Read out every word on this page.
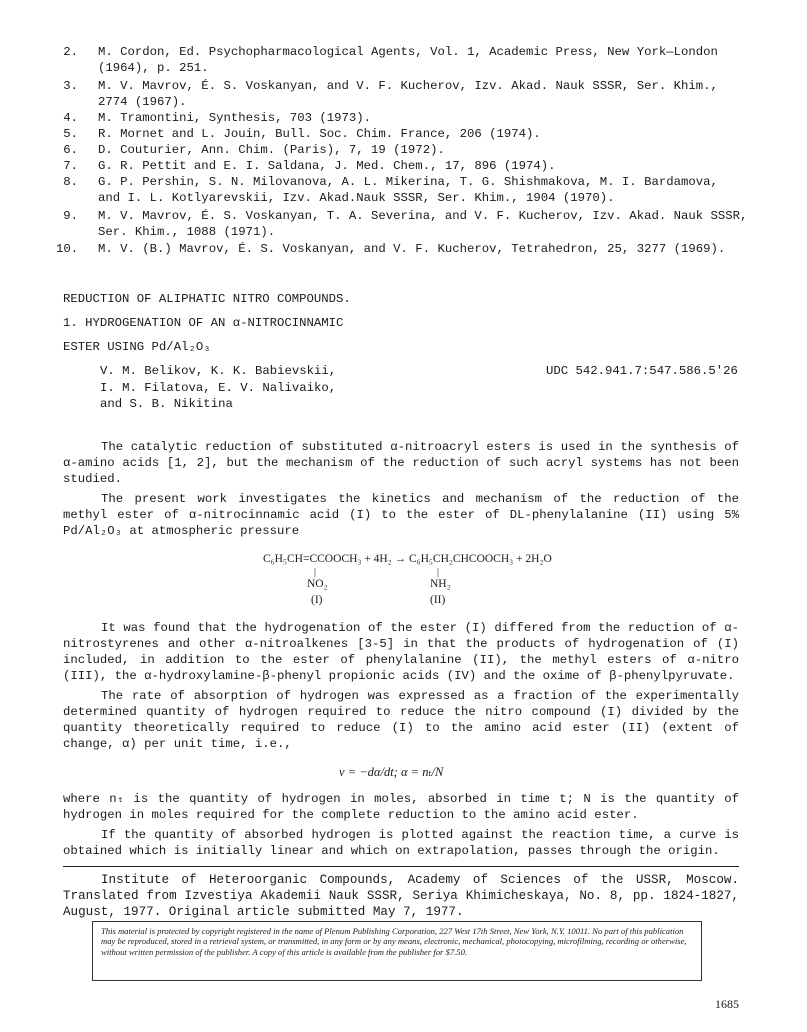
2. M. Cordon, Ed. Psychopharmacological Agents, Vol. 1, Academic Press, New York—London
(1964), p. 251.
3. M. V. Mavrov, É. S. Voskanyan, and V. F. Kucherov, Izv. Akad. Nauk SSSR, Ser. Khim.,
2774 (1967).
4. M. Tramontini, Synthesis, 703 (1973).
5. R. Mornet and L. Jouin, Bull. Soc. Chim. France, 206 (1974).
6. D. Couturier, Ann. Chim. (Paris), 7, 19 (1972).
7. G. R. Pettit and E. I. Saldana, J. Med. Chem., 17, 896 (1974).
8. G. P. Pershin, S. N. Milovanova, A. L. Mikerina, T. G. Shishmakova, M. I. Bardamova,
and I. L. Kotlyarevskii, Izv. Akad.Nauk SSSR, Ser. Khim., 1904 (1970).
9. M. V. Mavrov, É. S. Voskanyan, T. A. Severina, and V. F. Kucherov, Izv. Akad. Nauk SSSR,
Ser. Khim., 1088 (1971).
10. M. V. (B.) Mavrov, É. S. Voskanyan, and V. F. Kucherov, Tetrahedron, 25, 3277 (1969).
REDUCTION OF ALIPHATIC NITRO COMPOUNDS.
1. HYDROGENATION OF AN α-NITROCINNAMIC
ESTER USING Pd/Al₂O₃
V. M. Belikov, K. K. Babievskii,
I. M. Filatova, E. V. Nalivaiko,
and S. B. Nikitina
UDC 542.941.7:547.586.5'26
The catalytic reduction of substituted α-nitroacryl esters is used in the synthesis of α-amino acids [1, 2], but the mechanism of the reduction of such acryl systems has not been studied.
The present work investigates the kinetics and mechanism of the reduction of the methyl ester of α-nitrocinnamic acid (I) to the ester of DL-phenylalanine (II) using 5% Pd/Al₂O₃ at atmospheric pressure
C₆H₅CH=CCOOCH₃ + 4H₂ → C₆H₅CH₂CHCOOCH₃ + 2H₂O
|	|
NO₂	NH₂
(I)	(II)
It was found that the hydrogenation of the ester (I) differed from the reduction of α-nitrostyrenes and other α-nitroalkenes [3-5] in that the products of hydrogenation of (I) included, in addition to the ester of phenylalanine (II), the methyl esters of α-nitro (III), the α-hydroxylamine-β-phenyl propionic acids (IV) and the oxime of β-phenylpyruvate.
The rate of absorption of hydrogen was expressed as a fraction of the experimentally determined quantity of hydrogen required to reduce the nitro compound (I) divided by the quantity theoretically required to reduce (I) to the amino acid ester (II) (extent of change, α) per unit time, i.e.,
v = −dα/dt; α = nₜ/N
where nₜ is the quantity of hydrogen in moles, absorbed in time t; N is the quantity of hydrogen in moles required for the complete reduction to the amino acid ester.
If the quantity of absorbed hydrogen is plotted against the reaction time, a curve is obtained which is initially linear and which on extrapolation, passes through the origin.
Institute of Heteroorganic Compounds, Academy of Sciences of the USSR, Moscow. Translated from Izvestiya Akademii Nauk SSSR, Seriya Khimicheskaya, No. 8, pp. 1824-1827, August, 1977. Original article submitted May 7, 1977.
This material is protected by copyright registered in the name of Plenum Publishing Corporation, 227 West 17th Street, New York, N.Y. 10011. No part of this publication may be reproduced, stored in a retrieval system, or transmitted, in any form or by any means, electronic, mechanical, photocopying, microfilming, recording or otherwise, without written permission of the publisher. A copy of this article is available from the publisher for $7.50.
1685
